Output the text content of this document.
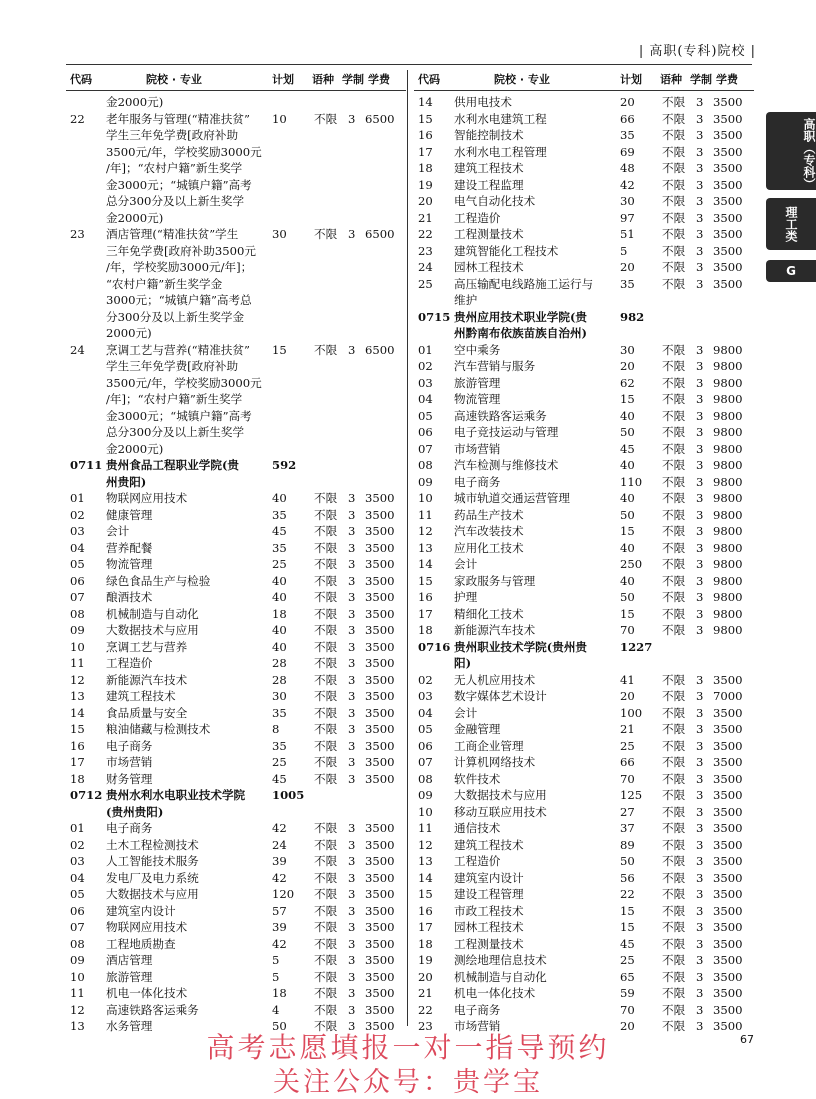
| 高职(专科)院校 |
代码	院校 · 专业	计划 语种 学制 学费
金2000元)
22 老年服务与管理(“精准扶贫” 10 不限 3 6500
学生三年免学费[政府补助
3500元/年，学校奖励3000元
/年]；“农村户籍”新生奖学
金3000元；“城镇户籍”高考
总分300分及以上新生奖学
金2000元)
23 酒店管理(“精准扶贫”学生	30 不限 3 6500
三年免学费[政府补助3500元
/年，学校奖励3000元/年]；
“农村户籍”新生奖学金
3000元；“城镇户籍”高考总
分300分及以上新生奖学金
2000元)
24 烹调工艺与营养(“精准扶贫” 15 不限 3 6500
学生三年免学费[政府补助
3500元/年，学校奖励3000元
/年]；“农村户籍”新生奖学
金3000元；“城镇户籍”高考
总分300分及以上新生奖学
金2000元)
0711 贵州食品工程职业学院(贵	592
州贵阳)
01 物联网应用技术	40 不限 3 3500
02 健康管理	35 不限 3 3500
03 会计	45 不限 3 3500
04 营养配餐	35 不限 3 3500
05 物流管理	25 不限 3 3500
06 绿色食品生产与检验	40 不限 3 3500
07 酿酒技术	40 不限 3 3500
08 机械制造与自动化	18 不限 3 3500
09 大数据技术与应用	40 不限 3 3500
10 烹调工艺与营养	40 不限 3 3500
11 工程造价	28 不限 3 3500
12 新能源汽车技术	28 不限 3 3500
13 建筑工程技术	30 不限 3 3500
14 食品质量与安全	35 不限 3 3500
15 粮油储藏与检测技术	8	不限 3 3500
16 电子商务	35 不限 3 3500
17 市场营销	25 不限 3 3500
18 财务管理	45 不限 3 3500
0712 贵州水利水电职业技术学院 1005
(贵州贵阳)
01 电子商务	42 不限 3 3500
02 土木工程检测技术	24 不限 3 3500
03 人工智能技术服务	39 不限 3 3500
04 发电厂及电力系统	42 不限 3 3500
05 大数据技术与应用	120 不限 3 3500
06 建筑室内设计	57 不限 3 3500
07 物联网应用技术	39 不限 3 3500
08 工程地质勘查	42 不限 3 3500
09 酒店管理	5	不限 3 3500
10 旅游管理	5	不限 3 3500
11 机电一体化技术	18 不限 3 3500
12 高速铁路客运乘务	4	不限 3 3500
13 水务管理	50 不限 3 3500
代码	院校 · 专业	计划 语种 学制 学费
14 供用电技术	20 不限 3 3500
15 水利水电建筑工程	66 不限 3 3500
16 智能控制技术	35 不限 3 3500
17 水利水电工程管理	69 不限 3 3500
18 建筑工程技术	48 不限 3 3500
19 建设工程监理	42 不限 3 3500
20 电气自动化技术	30 不限 3 3500
21 工程造价	97 不限 3 3500
22 工程测量技术	51 不限 3 3500
23 建筑智能化工程技术	5	不限 3 3500
24 园林工程技术	20 不限 3 3500
25 高压输配电线路施工运行与 35 不限 3 3500
维护
0715 贵州应用技术职业学院(贵	982
州黔南布依族苗族自治州)
01 空中乘务	30 不限 3 9800
02 汽车营销与服务	20 不限 3 9800
03 旅游管理	62 不限 3 9800
04 物流管理	15 不限 3 9800
05 高速铁路客运乘务	40 不限 3 9800
06 电子竞技运动与管理	50 不限 3 9800
07 市场营销	45 不限 3 9800
08 汽车检测与维修技术	40 不限 3 9800
09 电子商务	110 不限 3 9800
10 城市轨道交通运营管理	40 不限 3 9800
11 药品生产技术	50 不限 3 9800
12 汽车改装技术	15 不限 3 9800
13 应用化工技术	40 不限 3 9800
14 会计	250 不限 3 9800
15 家政服务与管理	40 不限 3 9800
16 护理	50 不限 3 9800
17 精细化工技术	15 不限 3 9800
18 新能源汽车技术	70 不限 3 9800
0716 贵州职业技术学院(贵州贵	1227
阳)
02 无人机应用技术	41 不限 3 3500
03 数字媒体艺术设计	20 不限 3 7000
04 会计	100 不限 3 3500
05 金融管理	21 不限 3 3500
06 工商企业管理	25 不限 3 3500
07 计算机网络技术	66 不限 3 3500
08 软件技术	70 不限 3 3500
09 大数据技术与应用	125 不限 3 3500
10 移动互联应用技术	27 不限 3 3500
11 通信技术	37 不限 3 3500
12 建筑工程技术	89 不限 3 3500
13 工程造价	50 不限 3 3500
14 建筑室内设计	56 不限 3 3500
15 建设工程管理	22 不限 3 3500
16 市政工程技术	15 不限 3 3500
17 园林工程技术	15 不限 3 3500
18 工程测量技术	45 不限 3 3500
19 测绘地理信息技术	25 不限 3 3500
20 机械制造与自动化	65 不限 3 3500
21 机电一体化技术	59 不限 3 3500
22 电子商务	70 不限 3 3500
23 市场营销	20 不限 3 3500
高职（专科）
理工类
G
67
高考志愿填报一对一指导预约
关注公众号：贵学宝
